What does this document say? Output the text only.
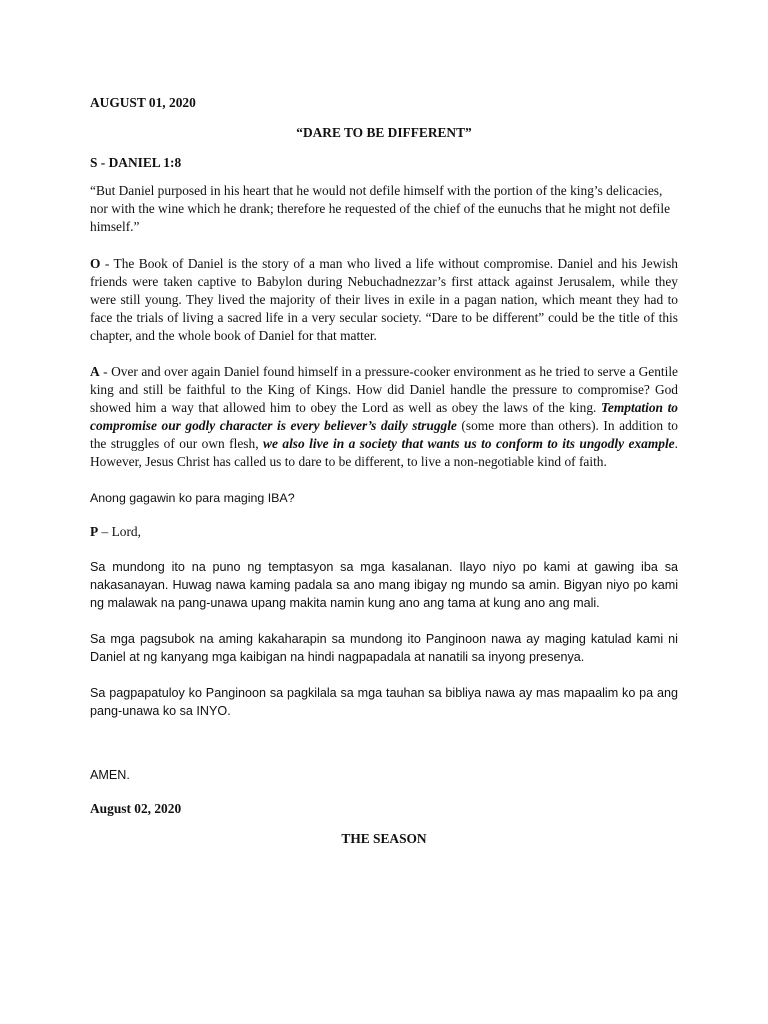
AUGUST 01, 2020

“DARE TO BE DIFFERENT”

S - DANIEL 1:8

“But Daniel purposed in his heart that he would not defile himself with the portion of the king’s delicacies, nor with the wine which he drank; therefore he requested of the chief of the eunuchs that he might not defile himself.”

O - The Book of Daniel is the story of a man who lived a life without compromise. Daniel and his Jewish friends were taken captive to Babylon during Nebuchadnezzar’s first attack against Jerusalem, while they were still young. They lived the majority of their lives in exile in a pagan nation, which meant they had to face the trials of living a sacred life in a very secular society. “Dare to be different” could be the title of this chapter, and the whole book of Daniel for that matter.

A - Over and over again Daniel found himself in a pressure-cooker environment as he tried to serve a Gentile king and still be faithful to the King of Kings. How did Daniel handle the pressure to compromise? God showed him a way that allowed him to obey the Lord as well as obey the laws of the king. Temptation to compromise our godly character is every believer’s daily struggle (some more than others). In addition to the struggles of our own flesh, we also live in a society that wants us to conform to its ungodly example. However, Jesus Christ has called us to dare to be different, to live a non-negotiable kind of faith.

Anong gagawin ko para maging IBA?

P – Lord,

Sa mundong ito na puno ng temptasyon sa mga kasalanan. Ilayo niyo po kami at gawing iba sa nakasanayan. Huwag nawa kaming padala sa ano mang ibigay ng mundo sa amin. Bigyan niyo po kami ng malawak na pang-unawa upang makita namin kung ano ang tama at kung ano ang mali.

Sa mga pagsubok na aming kakaharapin sa mundong ito Panginoon nawa ay maging katulad kami ni Daniel at ng kanyang mga kaibigan na hindi nagpapadala at nanatili sa inyong presenya.

Sa pagpapatuloy ko Panginoon sa pagkilala sa mga tauhan sa bibliya nawa ay mas mapaalim ko pa ang pang-unawa ko sa INYO.

AMEN.

August 02, 2020

THE SEASON
